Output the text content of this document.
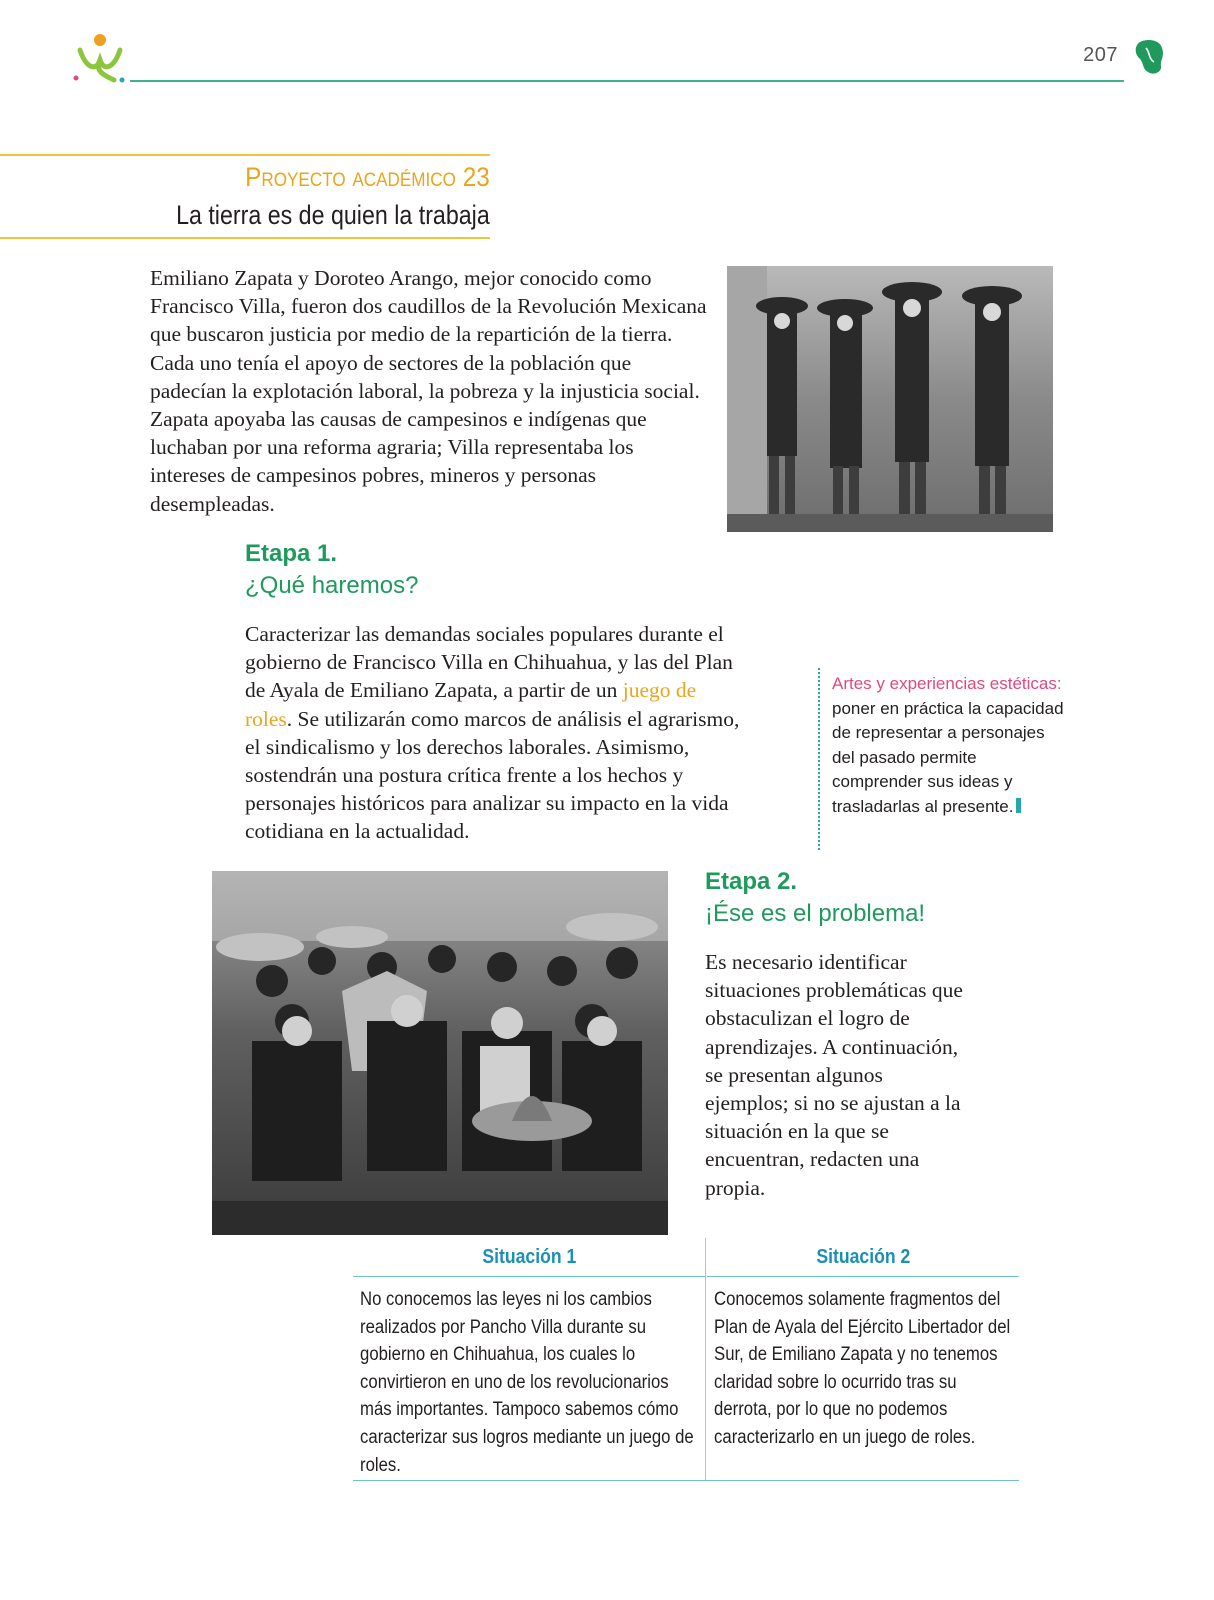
207
Proyecto académico 23
La tierra es de quien la trabaja
Emiliano Zapata y Doroteo Arango, mejor conocido como Francisco Villa, fueron dos caudillos de la Revolución Mexicana que buscaron justicia por medio de la repartición de la tierra. Cada uno tenía el apoyo de sectores de la población que padecían la explotación laboral, la pobreza y la injusticia social. Zapata apoyaba las causas de campesinos e indígenas que luchaban por una reforma agraria; Villa representaba los intereses de campesinos pobres, mineros y personas desempleadas.
Etapa 1.
¿Qué haremos?
Caracterizar las demandas sociales populares durante el gobierno de Francisco Villa en Chihuahua, y las del Plan de Ayala de Emiliano Zapata, a partir de un juego de roles. Se utilizarán como marcos de análisis el agrarismo, el sindicalismo y los derechos laborales. Asimismo, sostendrán una postura crítica frente a los hechos y personajes históricos para analizar su impacto en la vida cotidiana en la actualidad.
Artes y experiencias estéticas: poner en práctica la capacidad de representar a personajes del pasado permite comprender sus ideas y trasladarlas al presente.
Etapa 2.
¡Ése es el problema!
Es necesario identificar situaciones problemáticas que obstaculizan el logro de aprendizajes. A continuación, se presentan algunos ejemplos; si no se ajustan a la situación en la que se encuentran, redacten una propia.
Situación 1
No conocemos las leyes ni los cambios realizados por Pancho Villa durante su gobierno en Chihuahua, los cuales lo convirtieron en uno de los revolucionarios más importantes. Tampoco sabemos cómo caracterizar sus logros mediante un juego de roles.
Situación 2
Conocemos solamente fragmentos del Plan de Ayala del Ejército Libertador del Sur, de Emiliano Zapata y no tenemos claridad sobre lo ocurrido tras su derrota, por lo que no podemos caracterizarlo en un juego de roles.
